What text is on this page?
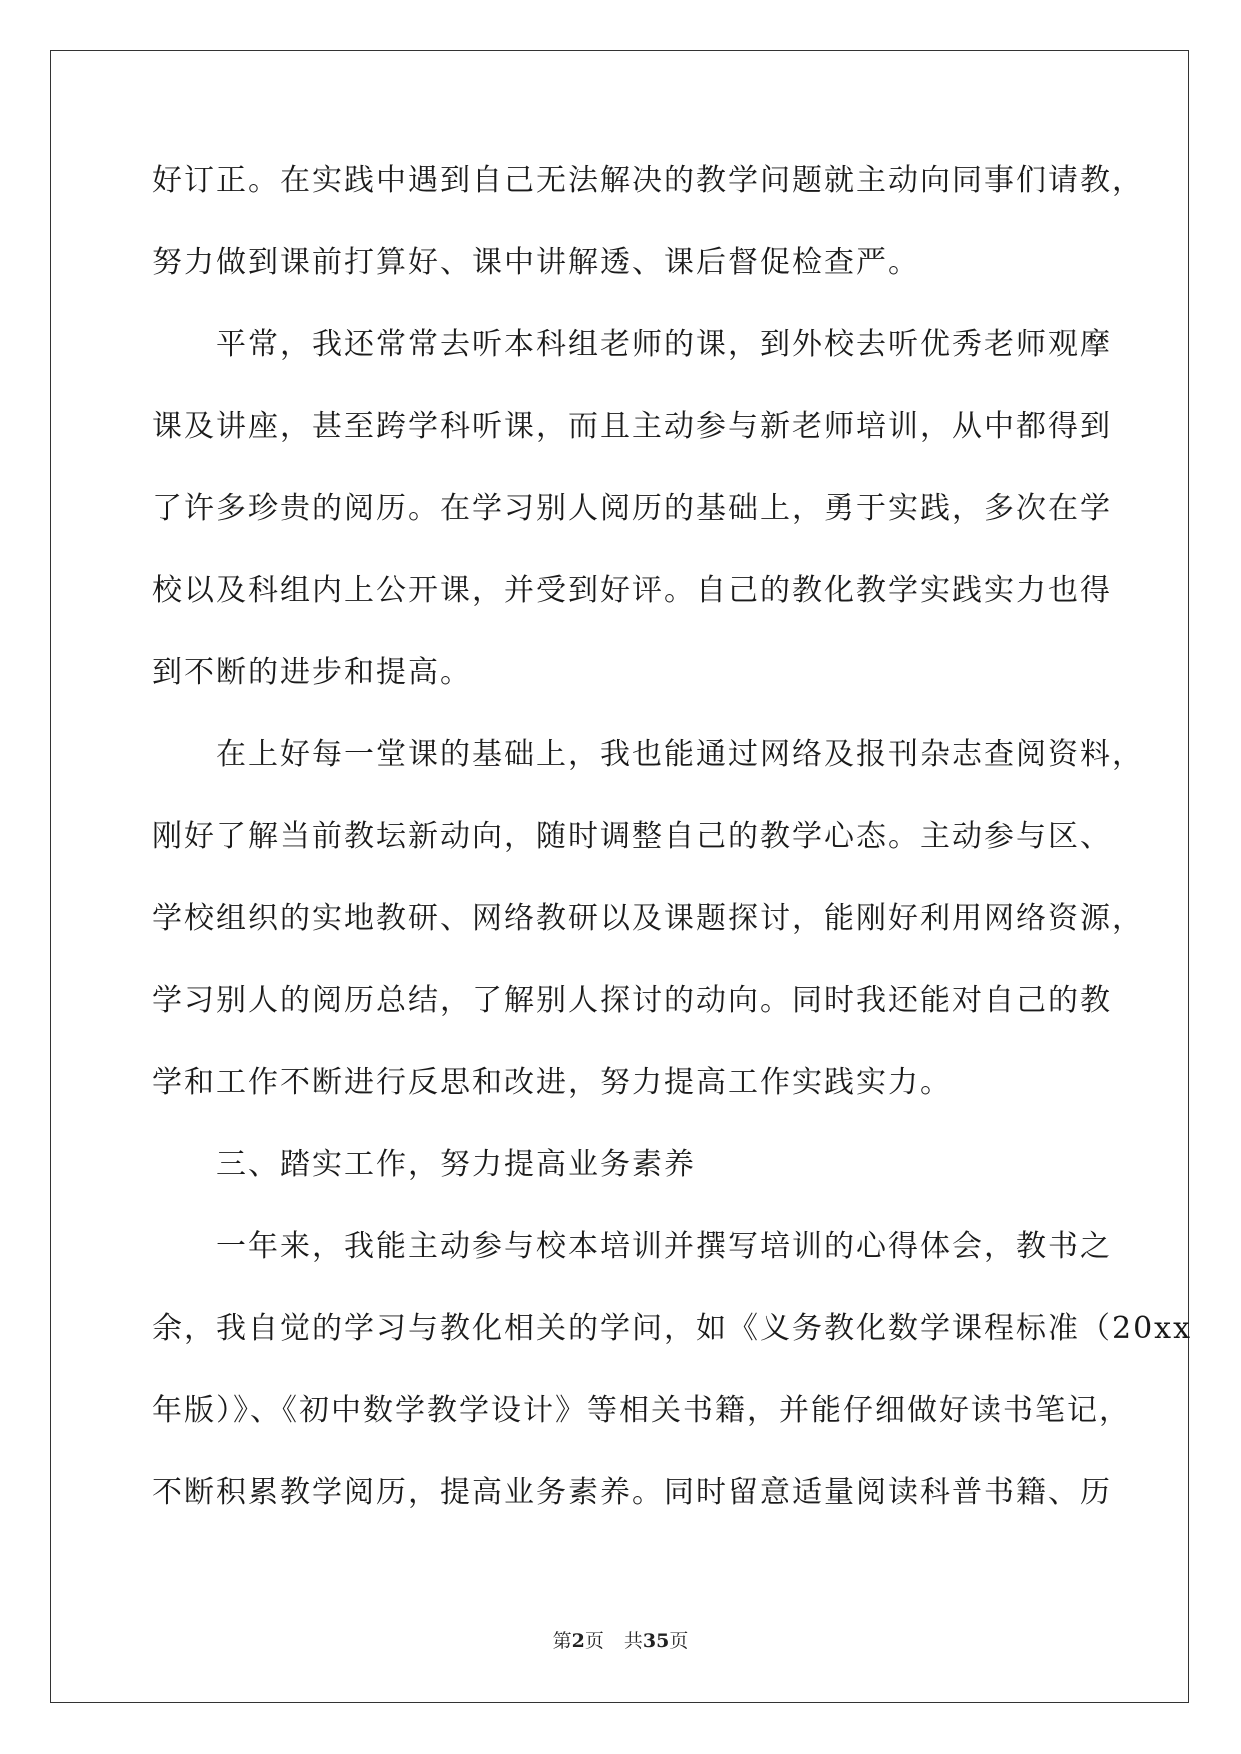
好订正。在实践中遇到自己无法解决的教学问题就主动向同事们请教，
努力做到课前打算好、课中讲解透、课后督促检查严。
平常，我还常常去听本科组老师的课，到外校去听优秀老师观摩
课及讲座，甚至跨学科听课，而且主动参与新老师培训，从中都得到
了许多珍贵的阅历。在学习别人阅历的基础上，勇于实践，多次在学
校以及科组内上公开课，并受到好评。自己的教化教学实践实力也得
到不断的进步和提高。
在上好每一堂课的基础上，我也能通过网络及报刊杂志查阅资料，
刚好了解当前教坛新动向，随时调整自己的教学心态。主动参与区、
学校组织的实地教研、网络教研以及课题探讨，能刚好利用网络资源，
学习别人的阅历总结，了解别人探讨的动向。同时我还能对自己的教
学和工作不断进行反思和改进，努力提高工作实践实力。
三、踏实工作，努力提高业务素养
一年来，我能主动参与校本培训并撰写培训的心得体会，教书之
余，我自觉的学习与教化相关的学问，如《义务教化数学课程标准（20xx
年版）》、《初中数学教学设计》等相关书籍，并能仔细做好读书笔记，
不断积累教学阅历，提高业务素养。同时留意适量阅读科普书籍、历
第2页 共35页
